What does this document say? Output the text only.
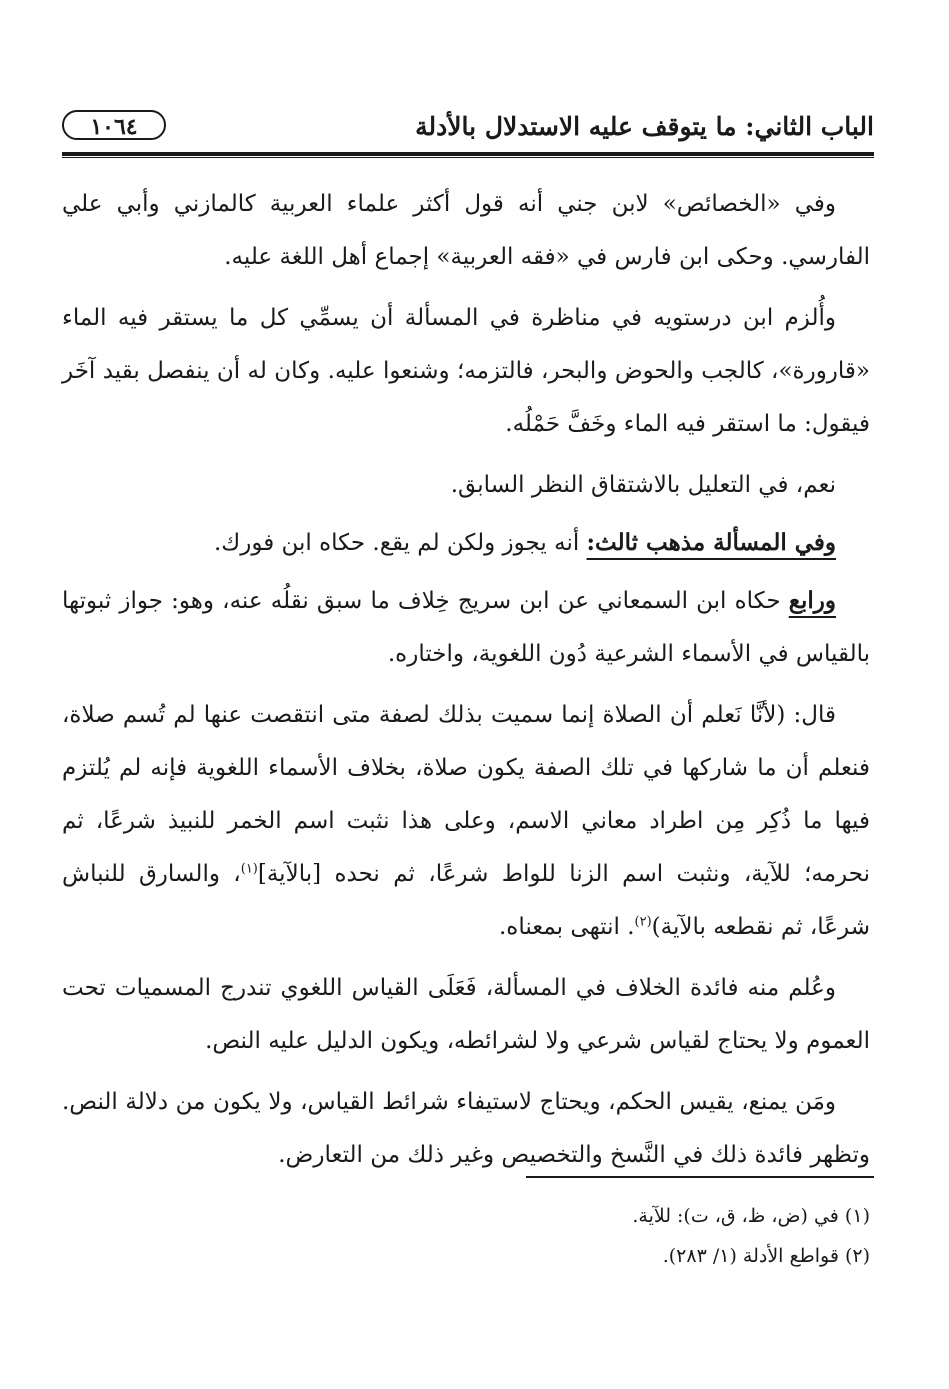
الباب الثاني: ما يتوقف عليه الاستدلال بالأدلة
١٠٦٤

وفي «الخصائص» لابن جني أنه قول أكثر علماء العربية كالمازني وأبي علي الفارسي. وحكى ابن فارس في «فقه العربية» إجماع أهل اللغة عليه.

وأُلزم ابن درستويه في مناظرة في المسألة أن يسمِّي كل ما يستقر فيه الماء «قارورة»، كالجب والحوض والبحر، فالتزمه؛ وشنعوا عليه. وكان له أن ينفصل بقيد آخَر فيقول: ما استقر فيه الماء وخَفَّ حَمْلُه.

نعم، في التعليل بالاشتقاق النظر السابق.

وفي المسألة مذهب ثالث: أنه يجوز ولكن لم يقع. حكاه ابن فورك.

ورابع حكاه ابن السمعاني عن ابن سريج خِلاف ما سبق نقلُه عنه، وهو: جواز ثبوتها بالقياس في الأسماء الشرعية دُون اللغوية، واختاره.

قال: (لأنَّا نَعلم أن الصلاة إنما سميت بذلك لصفة متى انتقصت عنها لم تُسم صلاة، فنعلم أن ما شاركها في تلك الصفة يكون صلاة، بخلاف الأسماء اللغوية فإنه لم يُلتزم فيها ما ذُكِر مِن اطراد معاني الاسم، وعلى هذا نثبت اسم الخمر للنبيذ شرعًا، ثم نحرمه؛ للآية، ونثبت اسم الزنا للواط شرعًا، ثم نحده [بالآية]$^{(١)}$، والسارق للنباش شرعًا، ثم نقطعه بالآية)$^{(٢)}$. انتهى بمعناه.

وعُلم منه فائدة الخلاف في المسألة، فَعَلَى القياس اللغوي تندرج المسميات تحت العموم ولا يحتاج لقياس شرعي ولا لشرائطه، ويكون الدليل عليه النص.

ومَن يمنع، يقيس الحكم، ويحتاج لاستيفاء شرائط القياس، ولا يكون من دلالة النص. وتظهر فائدة ذلك في النَّسخ والتخصيص وغير ذلك من التعارض.

(١) في (ض، ظ، ق، ت): للآية.

(٢) قواطع الأدلة (١/ ٢٨٣).
